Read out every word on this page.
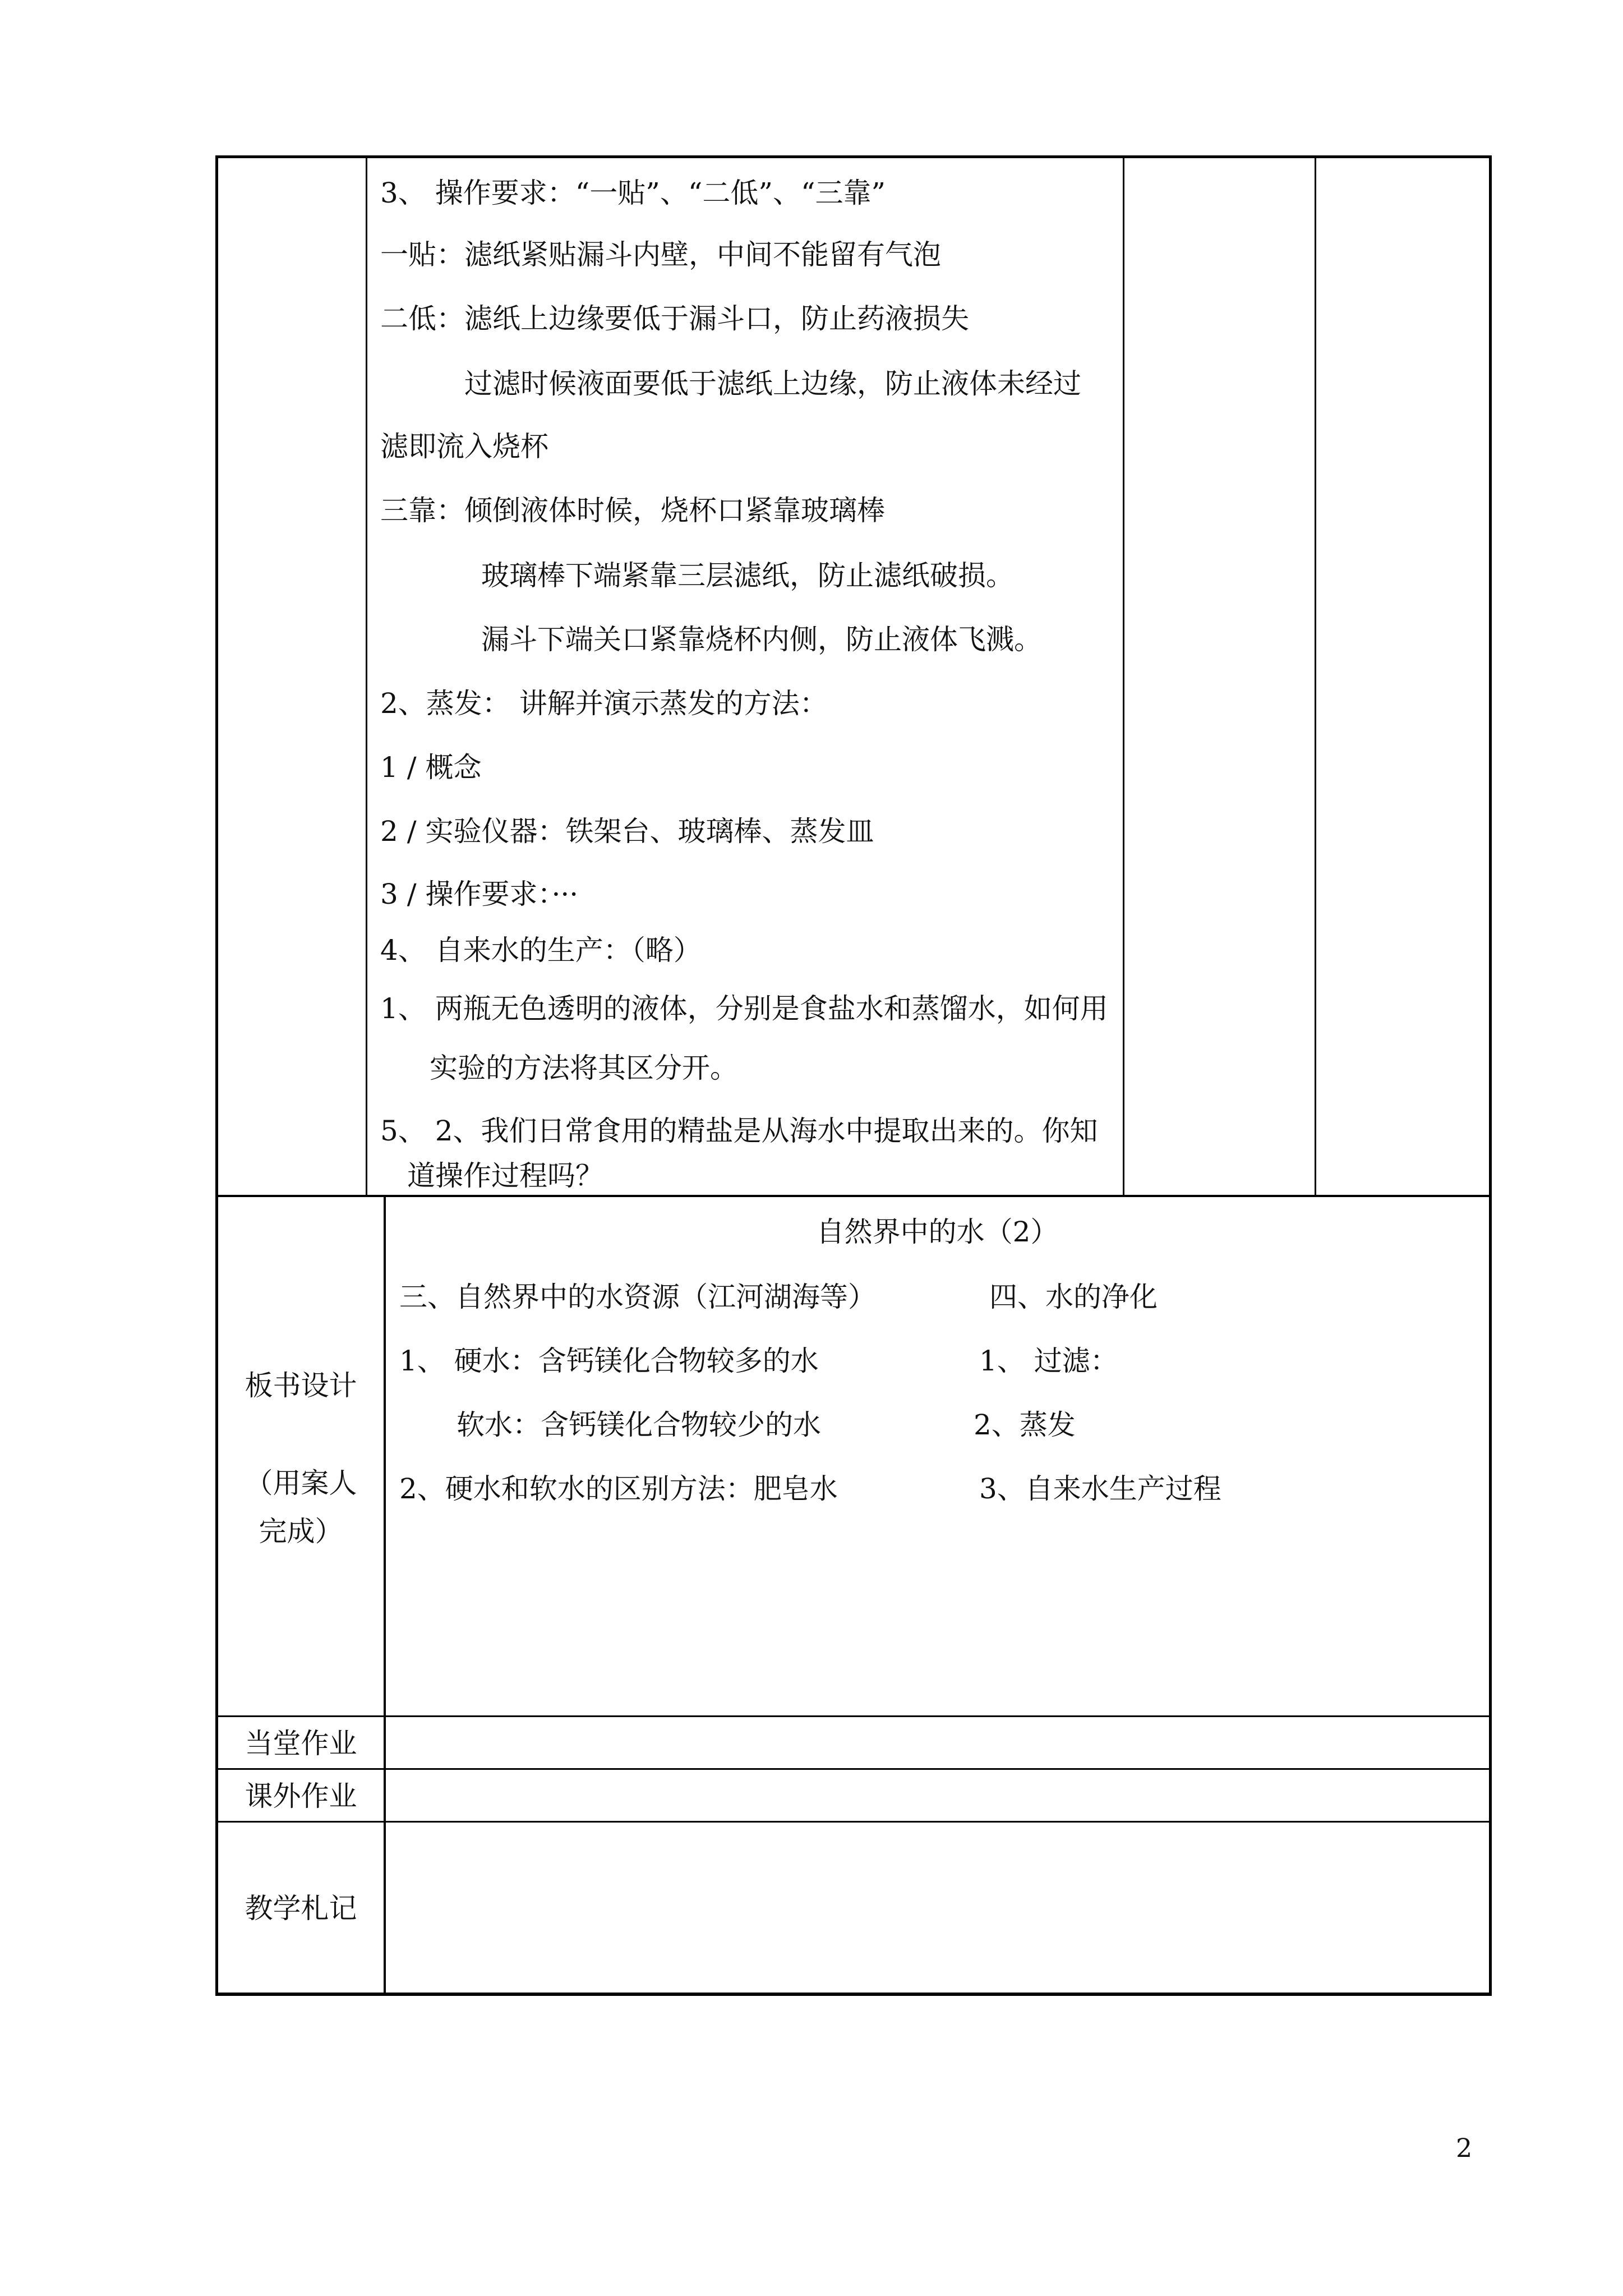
3、 操作要求：“一贴”、“二低”、“三靠”
一贴：滤纸紧贴漏斗内壁，中间不能留有气泡
二低：滤纸上边缘要低于漏斗口，防止药液损失
过滤时候液面要低于滤纸上边缘，防止液体未经过
滤即流入烧杯
三靠：倾倒液体时候，烧杯口紧靠玻璃棒
玻璃棒下端紧靠三层滤纸，防止滤纸破损。
漏斗下端关口紧靠烧杯内侧，防止液体飞溅。
2、蒸发： 讲解并演示蒸发的方法：
1 / 概念
2 / 实验仪器：铁架台、玻璃棒、蒸发皿
3 / 操作要求：···
4、 自来水的生产：（略）
1、 两瓶无色透明的液体，分别是食盐水和蒸馏水，如何用
实验的方法将其区分开。
5、 2、我们日常食用的精盐是从海水中提取出来的。你知
道操作过程吗？
板书设计
（用案人
完成）
自然界中的水（2）
三、自然界中的水资源（江河湖海等）
1、 硬水：含钙镁化合物较多的水
软水：含钙镁化合物较少的水
2、硬水和软水的区别方法：肥皂水
四、水的净化
1、 过滤：
2、蒸发
3、自来水生产过程
当堂作业
课外作业
教学札记
2
